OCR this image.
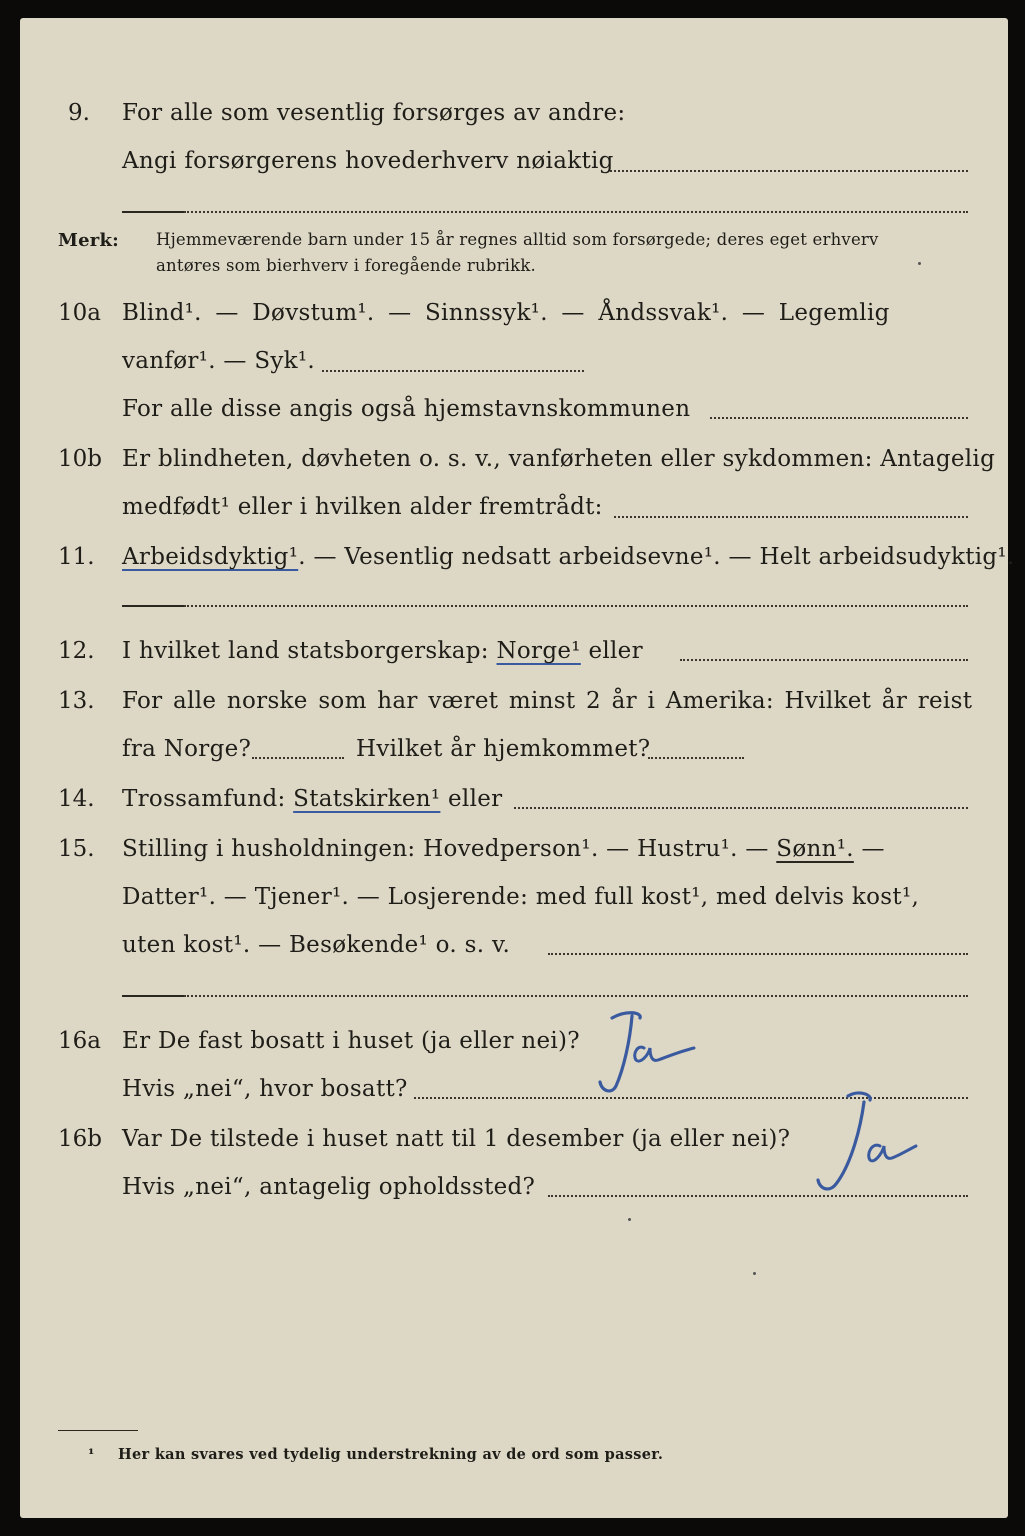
9. For alle som vesentlig forsørges av andre:
Angi forsørgerens hovederhverv nøiaktig
Merk: Hjemmeværende barn under 15 år regnes alltid som forsørgede; deres eget erhverv
antøres som bierhverv i foregående rubrikk.
10a Blind¹. — Døvstum¹. — Sinnssyk¹. — Åndssvak¹. — Legemlig
vanfør¹. — Syk¹.
For alle disse angis også hjemstavnskommunen
10b Er blindheten, døvheten o. s. v., vanførheten eller sykdommen: Antagelig
medfødt¹ eller i hvilken alder fremtrådt:
11. Arbeidsdyktig¹. — Vesentlig nedsatt arbeidsevne¹. — Helt arbeidsudyktig¹.
12. I hvilket land statsborgerskap: Norge¹ eller
13. For alle norske som har været minst 2 år i Amerika: Hvilket år reist
fra Norge?	Hvilket år hjemkommet?
14. Trossamfund: Statskirken¹ eller
15. Stilling i husholdningen: Hovedperson¹. — Hustru¹. — Sønn¹. —
Datter¹. — Tjener¹. — Losjerende: med full kost¹, med delvis kost¹,
uten kost¹. — Besøkende¹ o. s. v.
16a Er De fast bosatt i huset (ja eller nei)?
Hvis „nei“, hvor bosatt?
Ja
16b Var De tilstede i huset natt til 1 desember (ja eller nei)?
Hvis „nei“, antagelig opholdssted?
Ja
¹ Her kan svares ved tydelig understrekning av de ord som passer.
